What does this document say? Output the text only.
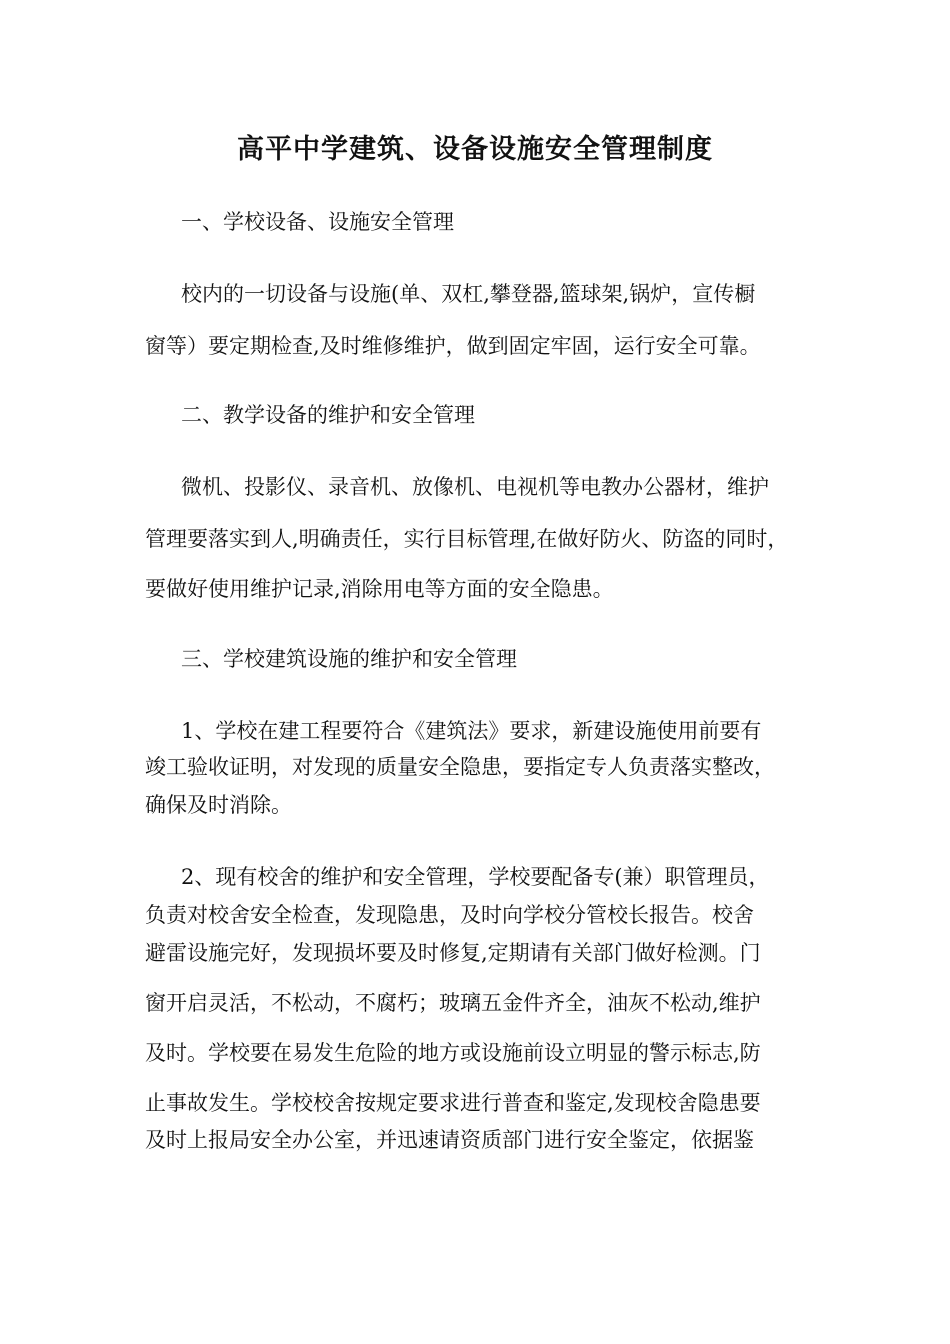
高平中学建筑、设备设施安全管理制度
一、学校设备、设施安全管理
校内的一切设备与设施(单、双杠,攀登器,篮球架,锅炉，宣传橱
窗等）要定期检查,及时维修维护，做到固定牢固，运行安全可靠。
二、教学设备的维护和安全管理
微机、投影仪、录音机、放像机、电视机等电教办公器材，维护
管理要落实到人,明确责任，实行目标管理,在做好防火、防盗的同时，
要做好使用维护记录,消除用电等方面的安全隐患。
三、学校建筑设施的维护和安全管理
1、学校在建工程要符合《建筑法》要求，新建设施使用前要有
竣工验收证明，对发现的质量安全隐患，要指定专人负责落实整改，
确保及时消除。
2、现有校舍的维护和安全管理，学校要配备专(兼）职管理员，
负责对校舍安全检查，发现隐患，及时向学校分管校长报告。校舍
避雷设施完好，发现损坏要及时修复,定期请有关部门做好检测。门
窗开启灵活，不松动，不腐朽；玻璃五金件齐全，油灰不松动,维护
及时。学校要在易发生危险的地方或设施前设立明显的警示标志,防
止事故发生。学校校舍按规定要求进行普查和鉴定,发现校舍隐患要
及时上报局安全办公室，并迅速请资质部门进行安全鉴定，依据鉴
